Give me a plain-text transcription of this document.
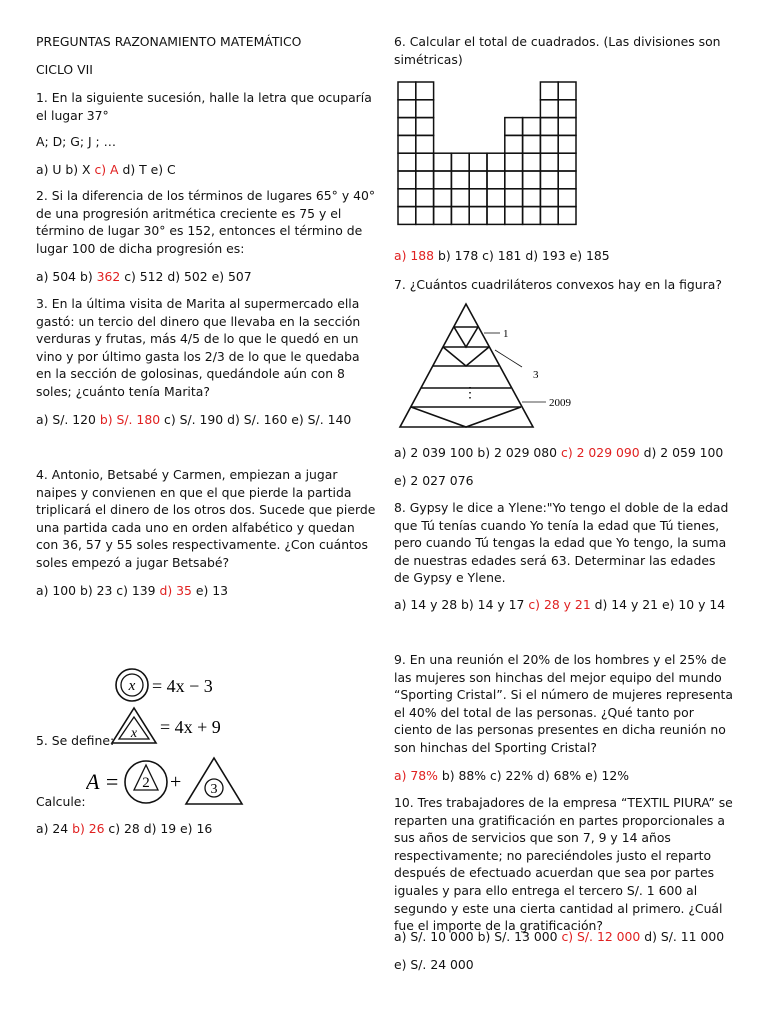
PREGUNTAS RAZONAMIENTO MATEMÁTICO

CICLO VII

1. En la siguiente sucesión, halle la letra que ocuparía el lugar 37°

A; D; G; J ; …

a) U b) X c) A d) T e) C

2. Si la diferencia de los términos de lugares 65° y 40° de una progresión aritmética creciente es 75 y el término de lugar 30° es 152, entonces el término de lugar 100 de dicha progresión es:

a) 504 b) 362 c) 512 d) 502 e) 507

3. En la última visita de Marita al supermercado ella gastó: un tercio del dinero que llevaba en la sección verduras y frutas, más 4/5 de lo que le quedó en un vino y por último gasta los 2/3 de lo que le quedaba en la sección de golosinas, quedándole aún con 8 soles; ¿cuánto tenía Marita?

a) S/. 120 b) S/. 180 c) S/. 190 d) S/. 160 e) S/. 140

4. Antonio, Betsabé y Carmen, empiezan a jugar naipes y convienen en que el que pierde la partida triplicará el dinero de los otros dos. Sucede que pierde una partida cada uno en orden alfabético y quedan con 36, 57 y 55 soles respectivamente. ¿Con cuántos soles empezó a jugar Betsabé?

a) 100 b) 23 c) 139 d) 35 e) 13

x = 4x − 3
x = 4x + 9

5. Se define:

A = 2 + 3

Calcule:

a) 24 b) 26 c) 28 d) 19 e) 16

6. Calcular el total de cuadrados. (Las divisiones son simétricas)

a) 188 b) 178 c) 181 d) 193 e) 185

7. ¿Cuántos cuadriláteros convexos hay en la figura?

1
3
2009
⋮

a) 2 039 100 b) 2 029 080 c) 2 029 090 d) 2 059 100

e) 2 027 076

8. Gypsy le dice a Ylene:"Yo tengo el doble de la edad que Tú tenías cuando Yo tenía la edad que Tú tienes, pero cuando Tú tengas la edad que Yo tengo, la suma de nuestras edades será 63. Determinar las edades de Gypsy e Ylene.

a) 14 y 28 b) 14 y 17 c) 28 y 21 d) 14 y 21 e) 10 y 14

9. En una reunión el 20% de los hombres y el 25% de las mujeres son hinchas del mejor equipo del mundo “Sporting Cristal”. Si el número de mujeres representa el 40% del total de las personas. ¿Qué tanto por ciento de las personas presentes en dicha reunión no son hinchas del Sporting Cristal?

a) 78% b) 88% c) 22% d) 68% e) 12%

10. Tres trabajadores de la empresa “TEXTIL PIURA” se reparten una gratificación en partes proporcionales a sus años de servicios que son 7, 9 y 14 años respectivamente; no pareciéndoles justo el reparto después de efectuado acuerdan que sea por partes iguales y para ello entrega el tercero S/. 1 600 al segundo y este una cierta cantidad al primero. ¿Cuál fue el importe de la gratificación?

a) S/. 10 000 b) S/. 13 000 c) S/. 12 000 d) S/. 11 000

e) S/. 24 000
